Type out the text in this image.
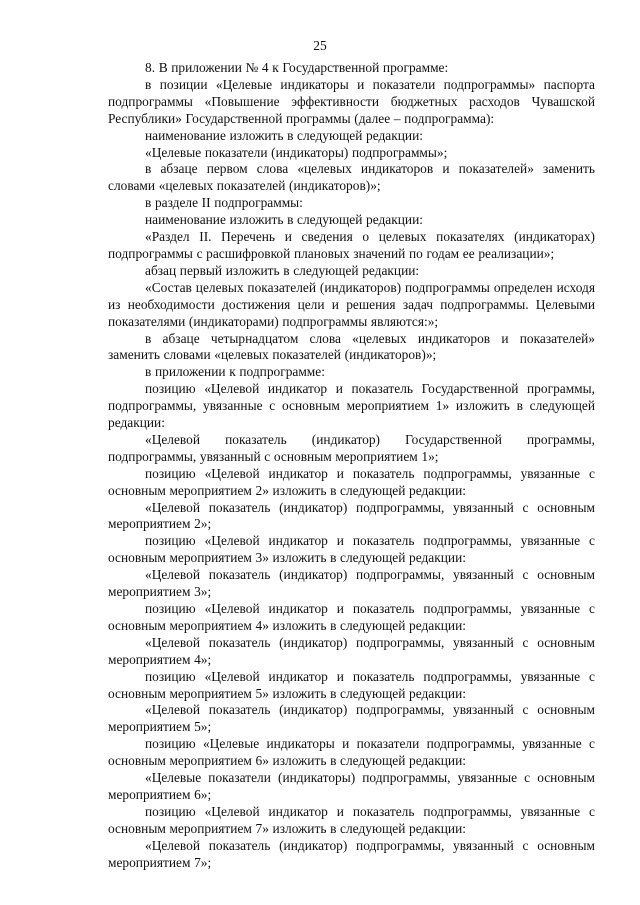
25

8. В приложении № 4 к Государственной программе:

в позиции «Целевые индикаторы и показатели подпрограммы» паспорта подпрограммы «Повышение эффективности бюджетных расходов Чувашской Республики» Государственной программы (далее – подпрограмма):

наименование изложить в следующей редакции:

«Целевые показатели (индикаторы) подпрограммы»;

в абзаце первом слова «целевых индикаторов и показателей» заменить словами «целевых показателей (индикаторов)»;

в разделе II подпрограммы:

наименование изложить в следующей редакции:

«Раздел II. Перечень и сведения о целевых показателях (индикаторах) подпрограммы с расшифровкой плановых значений по годам ее реализации»;

абзац первый изложить в следующей редакции:

«Состав целевых показателей (индикаторов) подпрограммы определен исходя из необходимости достижения цели и решения задач подпрограммы. Целевыми показателями (индикаторами) подпрограммы являются:»;

в абзаце четырнадцатом слова «целевых индикаторов и показателей» заменить словами «целевых показателей (индикаторов)»;

в приложении к подпрограмме:

позицию «Целевой индикатор и показатель Государственной программы, подпрограммы, увязанные с основным мероприятием 1» изложить в следующей редакции:

«Целевой показатель (индикатор) Государственной программы, подпрограммы, увязанный с основным мероприятием 1»;

позицию «Целевой индикатор и показатель подпрограммы, увязанные с основным мероприятием 2» изложить в следующей редакции:

«Целевой показатель (индикатор) подпрограммы, увязанный с основным мероприятием 2»;

позицию «Целевой индикатор и показатель подпрограммы, увязанные с основным мероприятием 3» изложить в следующей редакции:

«Целевой показатель (индикатор) подпрограммы, увязанный с основным мероприятием 3»;

позицию «Целевой индикатор и показатель подпрограммы, увязанные с основным мероприятием 4» изложить в следующей редакции:

«Целевой показатель (индикатор) подпрограммы, увязанный с основным мероприятием 4»;

позицию «Целевой индикатор и показатель подпрограммы, увязанные с основным мероприятием 5» изложить в следующей редакции:

«Целевой показатель (индикатор) подпрограммы, увязанный с основным мероприятием 5»;

позицию «Целевые индикаторы и показатели подпрограммы, увязанные с основным мероприятием 6» изложить в следующей редакции:

«Целевые показатели (индикаторы) подпрограммы, увязанные с основным мероприятием 6»;

позицию «Целевой индикатор и показатель подпрограммы, увязанные с основным мероприятием 7» изложить в следующей редакции:

«Целевой показатель (индикатор) подпрограммы, увязанный с основным мероприятием 7»;
